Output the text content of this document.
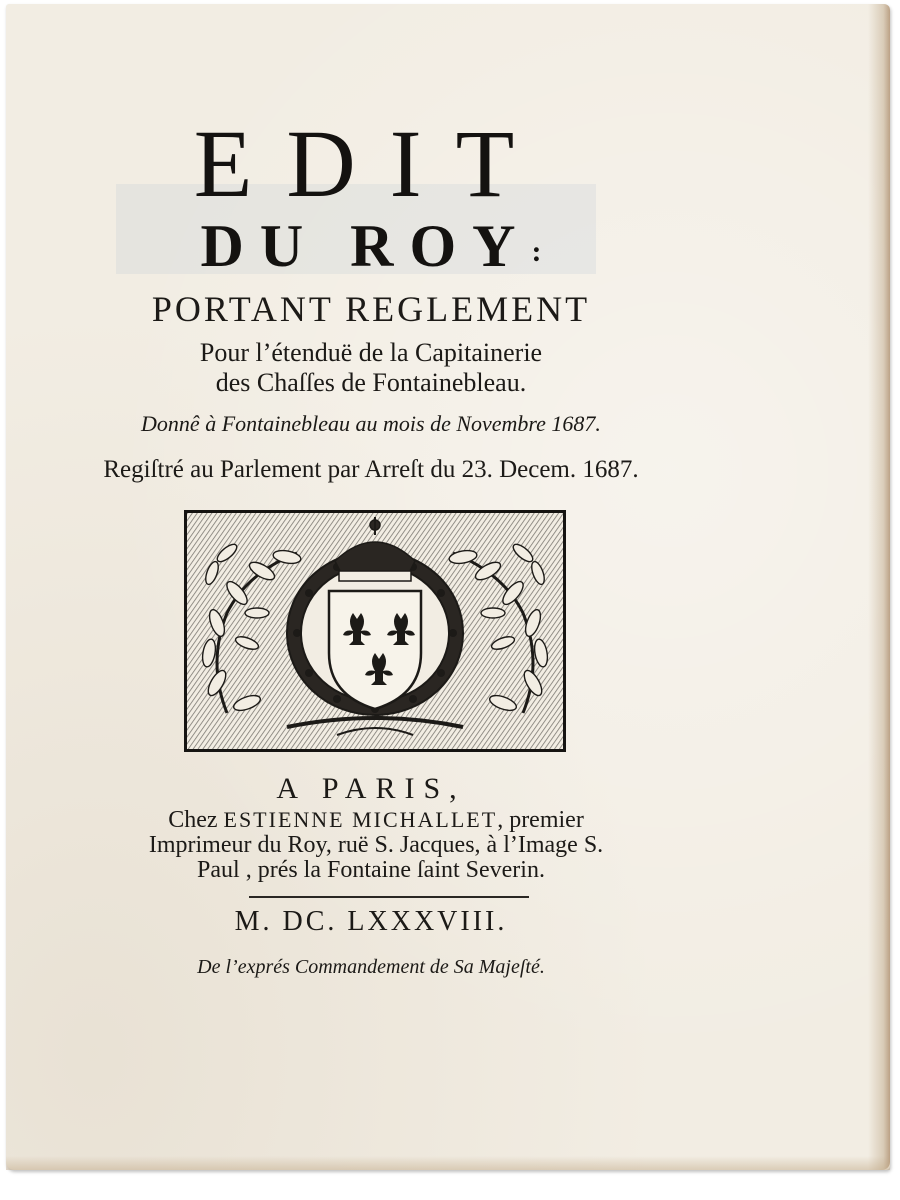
EDIT
DU ROY:
PORTANT REGLEMENT
Pour l’étenduë de la Capitainerie
des Chaſſes de Fontainebleau.
Donnê à Fontainebleau au mois de Novembre 1687.
Regiſtré au Parlement par Arreſt du 23. Decem. 1687.
A PARIS,
Chez ESTIENNE MICHALLET, premier
Imprimeur du Roy, ruë S. Jacques, à l’Image S.
Paul , prés la Fontaine ſaint Severin.
M. DC. LXXXVIII.
De l’exprés Commandement de Sa Majeſté.
